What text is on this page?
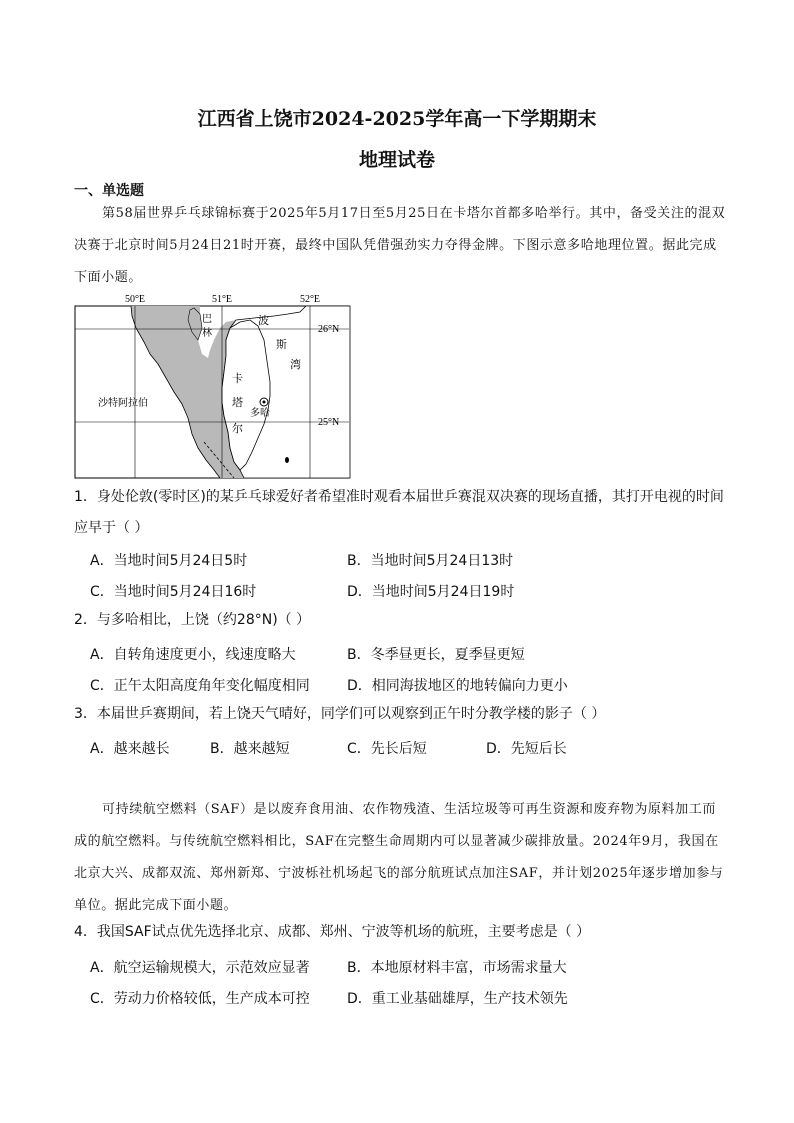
江西省上饶市2024-2025学年高一下学期期末
地理试卷
一、单选题
第58届世界乒乓球锦标赛于2025年5月17日至5月25日在卡塔尔首都多哈举行。其中，备受关注的混双决赛于北京时间5月24日21时开赛，最终中国队凭借强劲实力夺得金牌。下图示意多哈地理位置。据此完成下面小题。
50°E	51°E	52°E
26°N
25°N
巴
林
沙特阿拉伯
卡
塔
尔
波
斯
湾
多哈
1．身处伦敦(零时区)的某乒乓球爱好者希望准时观看本届世乒赛混双决赛的现场直播，其打开电视的时间应早于（ ）
A．当地时间5月24日5时	B．当地时间5月24日13时
C．当地时间5月24日16时	D．当地时间5月24日19时
2．与多哈相比，上饶（约28°N)（ ）
A．自转角速度更小，线速度略大	B．冬季昼更长，夏季昼更短
C．正午太阳高度角年变化幅度相同	D．相同海拔地区的地转偏向力更小
3．本届世乒赛期间，若上饶天气晴好，同学们可以观察到正午时分教学楼的影子（ ）
A．越来越长	B．越来越短	C．先长后短	D．先短后长
可持续航空燃料（SAF）是以废弃食用油、农作物残渣、生活垃圾等可再生资源和废弃物为原料加工而成的航空燃料。与传统航空燃料相比，SAF在完整生命周期内可以显著减少碳排放量。2024年9月，我国在北京大兴、成都双流、郑州新郑、宁波栎社机场起飞的部分航班试点加注SAF，并计划2025年逐步增加参与单位。据此完成下面小题。
4．我国SAF试点优先选择北京、成都、郑州、宁波等机场的航班，主要考虑是（ ）
A．航空运输规模大，示范效应显著	B．本地原材料丰富，市场需求量大
C．劳动力价格较低，生产成本可控	D．重工业基础雄厚，生产技术领先
